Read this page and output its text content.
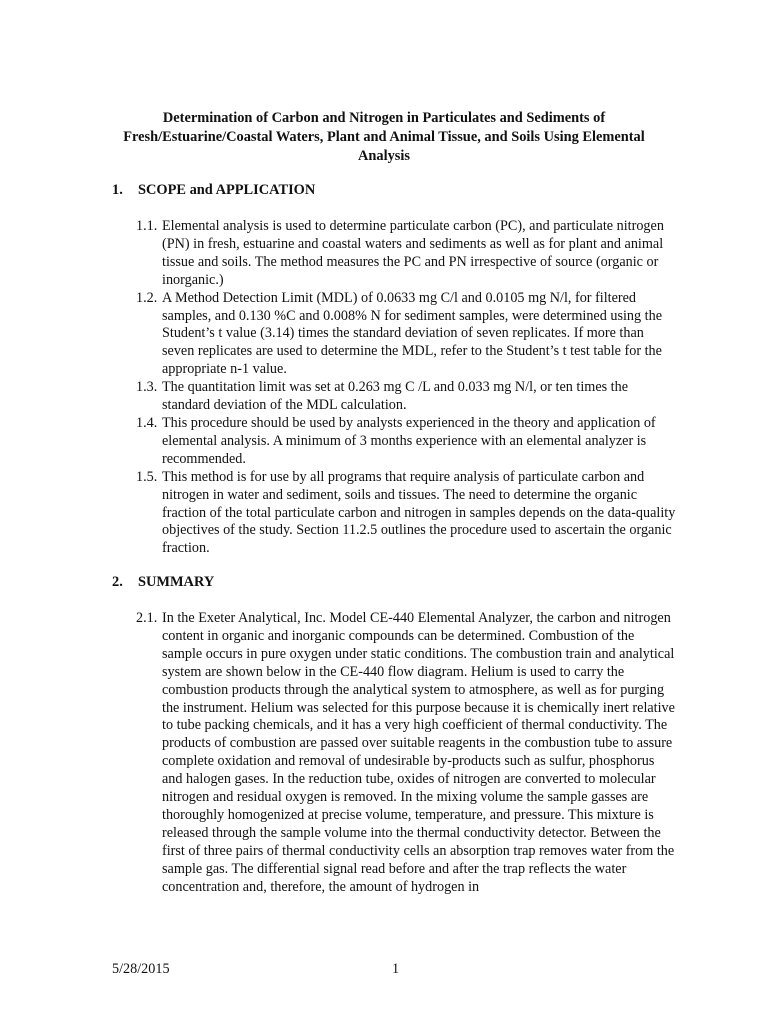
Determination of Carbon and Nitrogen in Particulates and Sediments of
Fresh/Estuarine/Coastal Waters, Plant and Animal Tissue, and Soils Using Elemental
Analysis
1. SCOPE and APPLICATION
1.1. Elemental analysis is used to determine particulate carbon (PC), and particulate nitrogen (PN) in fresh, estuarine and coastal waters and sediments as well as for plant and animal tissue and soils. The method measures the PC and PN irrespective of source (organic or inorganic.)
1.2. A Method Detection Limit (MDL) of 0.0633 mg C/l and 0.0105 mg N/l, for filtered samples, and 0.130 %C and 0.008% N for sediment samples, were determined using the Student’s t value (3.14) times the standard deviation of seven replicates. If more than seven replicates are used to determine the MDL, refer to the Student’s t test table for the appropriate n-1 value.
1.3. The quantitation limit was set at 0.263 mg C /L and 0.033 mg N/l, or ten times the standard deviation of the MDL calculation.
1.4. This procedure should be used by analysts experienced in the theory and application of elemental analysis. A minimum of 3 months experience with an elemental analyzer is recommended.
1.5. This method is for use by all programs that require analysis of particulate carbon and nitrogen in water and sediment, soils and tissues. The need to determine the organic fraction of the total particulate carbon and nitrogen in samples depends on the data-quality objectives of the study. Section 11.2.5 outlines the procedure used to ascertain the organic fraction.
2. SUMMARY
2.1. In the Exeter Analytical, Inc. Model CE-440 Elemental Analyzer, the carbon and nitrogen content in organic and inorganic compounds can be determined. Combustion of the sample occurs in pure oxygen under static conditions. The combustion train and analytical system are shown below in the CE-440 flow diagram. Helium is used to carry the combustion products through the analytical system to atmosphere, as well as for purging the instrument. Helium was selected for this purpose because it is chemically inert relative to tube packing chemicals, and it has a very high coefficient of thermal conductivity. The products of combustion are passed over suitable reagents in the combustion tube to assure complete oxidation and removal of undesirable by-products such as sulfur, phosphorus and halogen gases. In the reduction tube, oxides of nitrogen are converted to molecular nitrogen and residual oxygen is removed. In the mixing volume the sample gasses are thoroughly homogenized at precise volume, temperature, and pressure. This mixture is released through the sample volume into the thermal conductivity detector. Between the first of three pairs of thermal conductivity cells an absorption trap removes water from the sample gas. The differential signal read before and after the trap reflects the water concentration and, therefore, the amount of hydrogen in
5/28/2015	1
